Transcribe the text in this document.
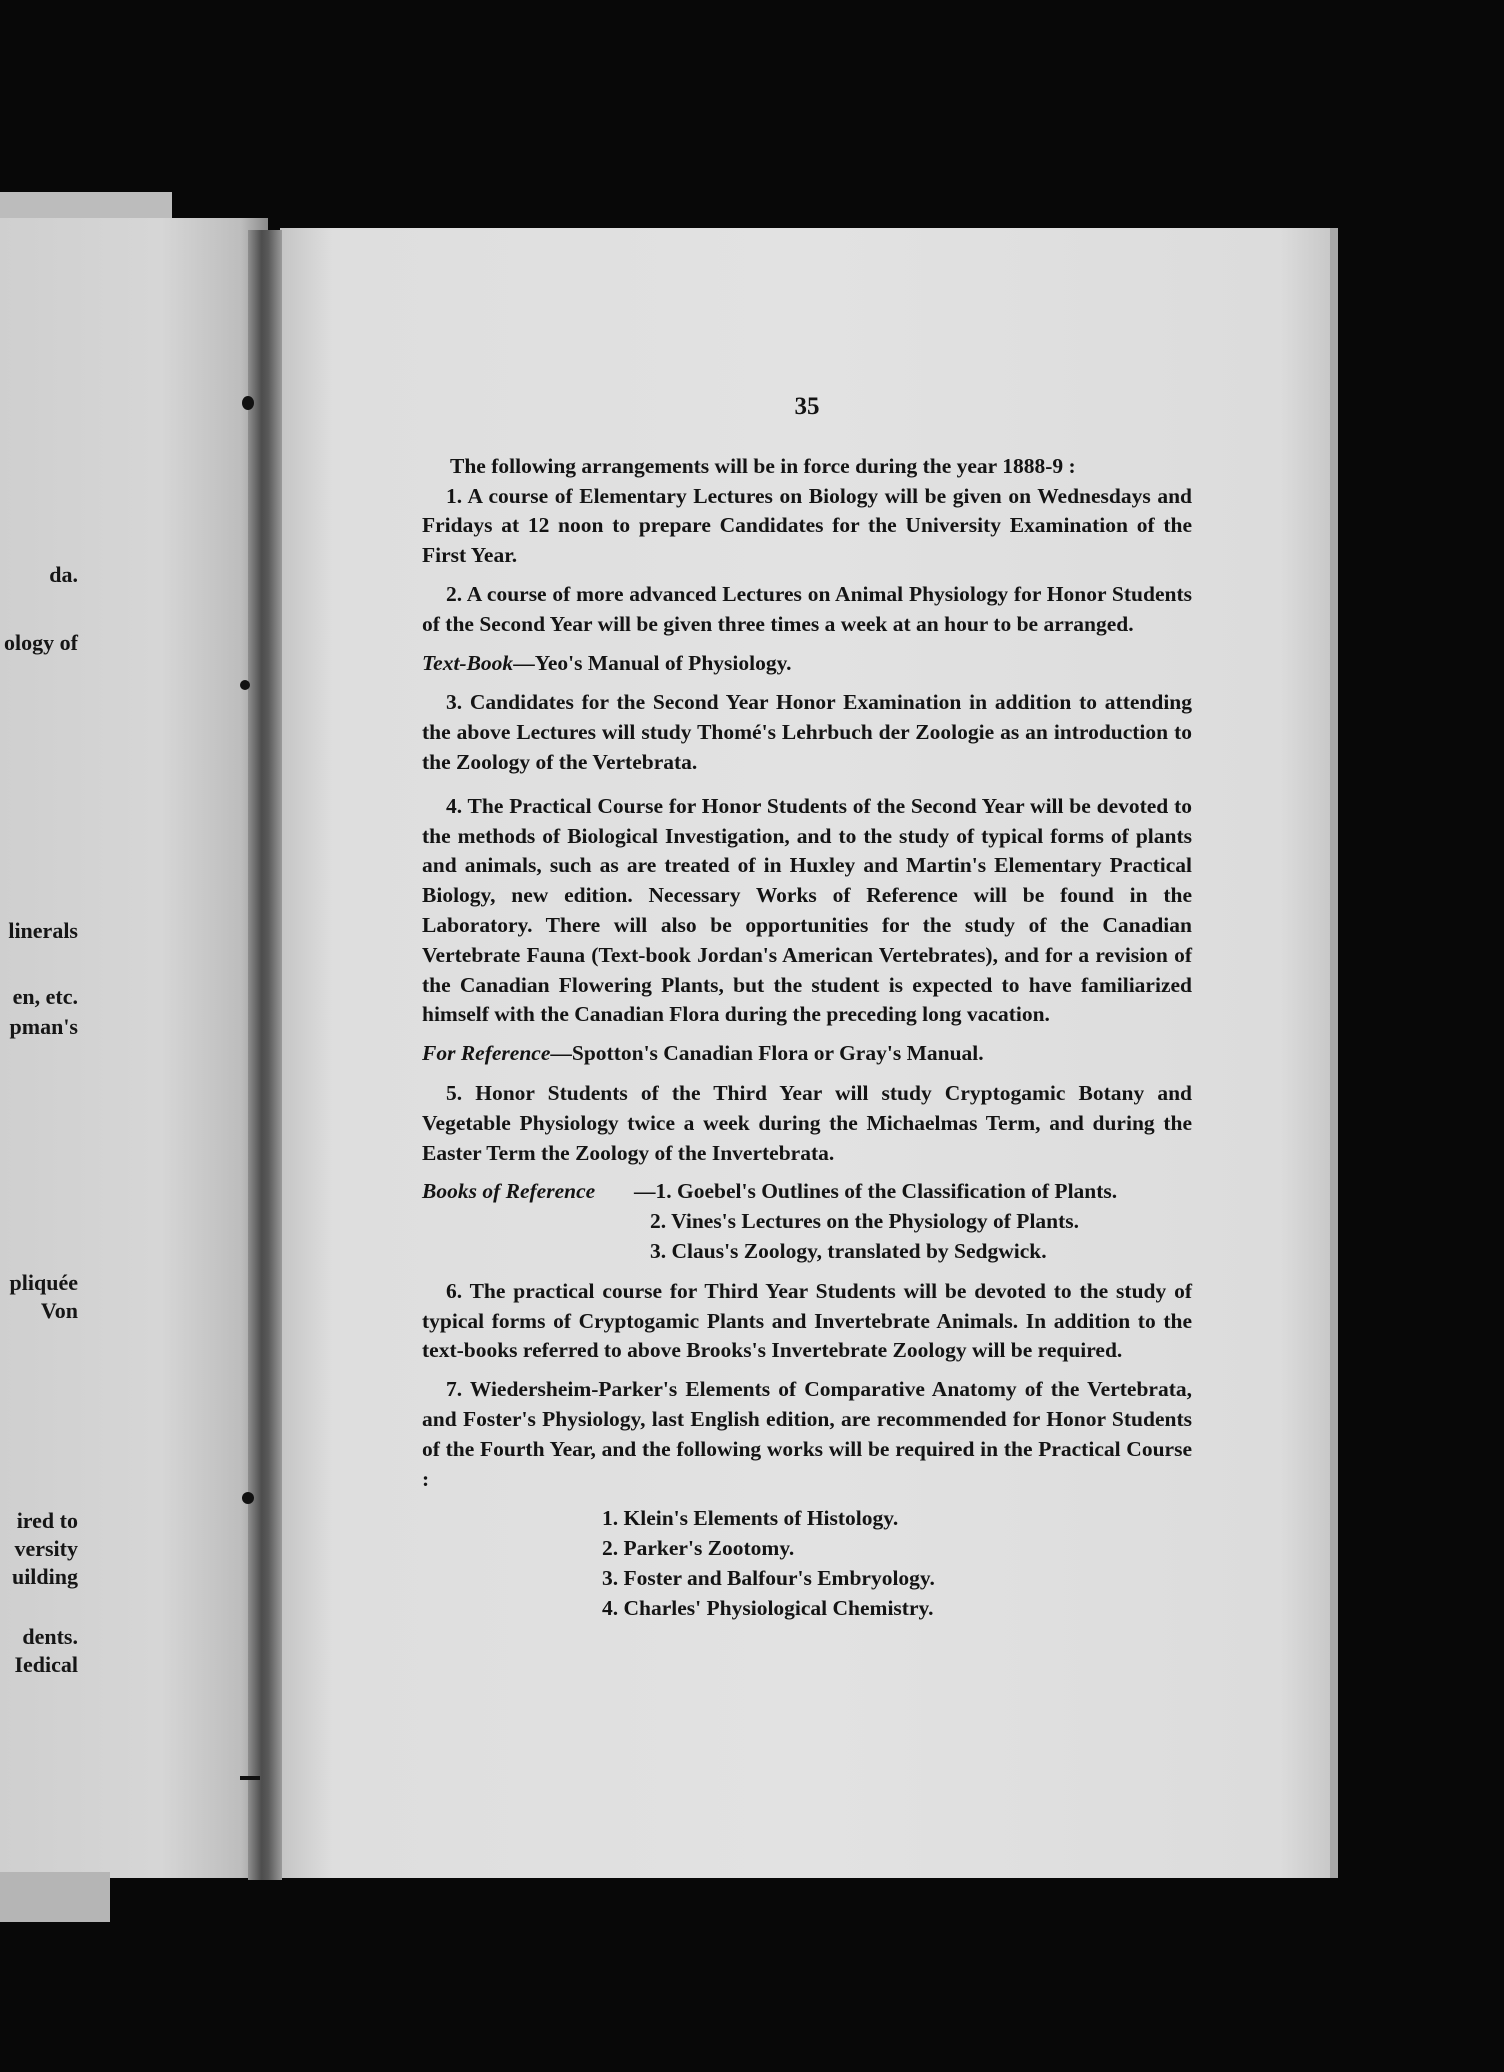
da.
ology of
linerals
en, etc.
pman's
pliquée
Von
ired to
versity
uilding
dents.
Iedical
35

The following arrangements will be in force during the year 1888-9 :

1. A course of Elementary Lectures on Biology will be given on Wednesdays and Fridays at 12 noon to prepare Candidates for the University Examination of the First Year.

2. A course of more advanced Lectures on Animal Physiology for Honor Students of the Second Year will be given three times a week at an hour to be arranged.

Text-Book—Yeo's Manual of Physiology.

3. Candidates for the Second Year Honor Examination in addition to attending the above Lectures will study Thomé's Lehrbuch der Zoologie as an introduction to the Zoology of the Vertebrata.

4. The Practical Course for Honor Students of the Second Year will be devoted to the methods of Biological Investigation, and to the study of typical forms of plants and animals, such as are treated of in Huxley and Martin's Elementary Practical Biology, new edition. Necessary Works of Reference will be found in the Laboratory. There will also be opportunities for the study of the Canadian Vertebrate Fauna (Text-book Jordan's American Vertebrates), and for a revision of the Canadian Flowering Plants, but the student is expected to have familiarized himself with the Canadian Flora during the preceding long vacation.

For Reference—Spotton's Canadian Flora or Gray's Manual.

5. Honor Students of the Third Year will study Cryptogamic Botany and Vegetable Physiology twice a week during the Michaelmas Term, and during the Easter Term the Zoology of the Invertebrata.

Books of Reference	—1. Goebel's Outlines of the Classification of Plants.
2. Vines's Lectures on the Physiology of Plants.
3. Claus's Zoology, translated by Sedgwick.

6. The practical course for Third Year Students will be devoted to the study of typical forms of Cryptogamic Plants and Invertebrate Animals. In addition to the text-books referred to above Brooks's Invertebrate Zoology will be required.

7. Wiedersheim-Parker's Elements of Comparative Anatomy of the Vertebrata, and Foster's Physiology, last English edition, are recommended for Honor Students of the Fourth Year, and the following works will be required in the Practical Course :

1. Klein's Elements of Histology.
2. Parker's Zootomy.
3. Foster and Balfour's Embryology.
4. Charles' Physiological Chemistry.
